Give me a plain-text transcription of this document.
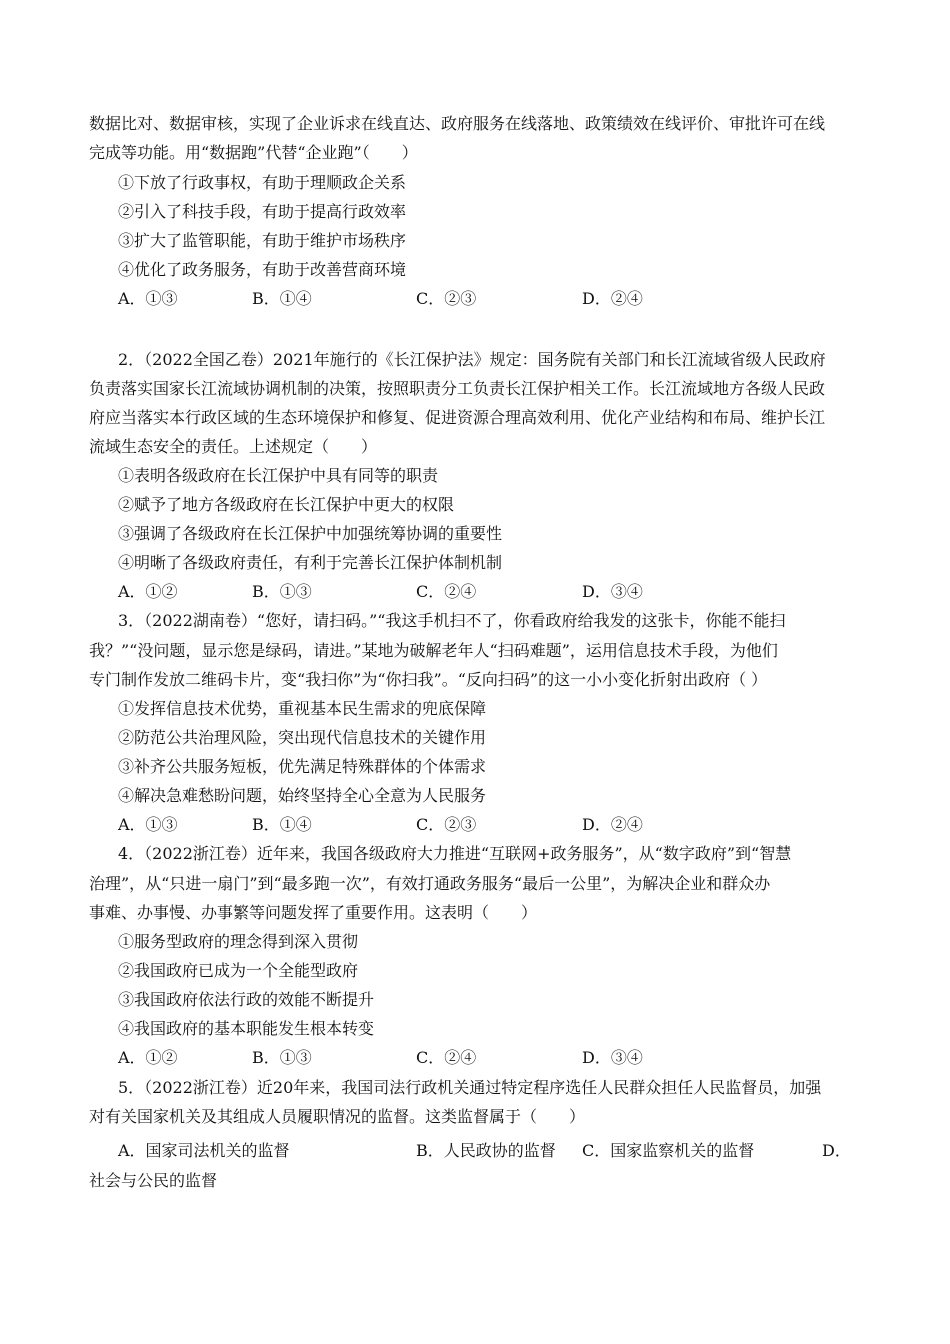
数据比对、数据审核，实现了企业诉求在线直达、政府服务在线落地、政策绩效在线评价、审批许可在线
完成等功能。用“数据跑”代替“企业跑”（　　）
①下放了行政事权，有助于理顺政企关系
②引入了科技手段，有助于提高行政效率
③扩大了监管职能，有助于维护市场秩序
④优化了政务服务，有助于改善营商环境
A．①③	B．①④	C．②③	D．②④
2．（2022全国乙卷）2021年施行的《长江保护法》规定：国务院有关部门和长江流域省级人民政府
负责落实国家长江流域协调机制的决策，按照职责分工负责长江保护相关工作。长江流域地方各级人民政
府应当落实本行政区域的生态环境保护和修复、促进资源合理高效利用、优化产业结构和布局、维护长江
流域生态安全的责任。上述规定（　　）
①表明各级政府在长江保护中具有同等的职责
②赋予了地方各级政府在长江保护中更大的权限
③强调了各级政府在长江保护中加强统筹协调的重要性
④明晰了各级政府责任，有利于完善长江保护体制机制
A．①②	B．①③	C．②④	D．③④
3．（2022湖南卷）“您好，请扫码。”“我这手机扫不了，你看政府给我发的这张卡，你能不能扫
我？”“没问题，显示您是绿码，请进。”某地为破解老年人“扫码难题”，运用信息技术手段，为他们
专门制作发放二维码卡片，变“我扫你”为“你扫我”。“反向扫码”的这一小小变化折射出政府（ ）
①发挥信息技术优势，重视基本民生需求的兜底保障
②防范公共治理风险，突出现代信息技术的关键作用
③补齐公共服务短板，优先满足特殊群体的个体需求
④解决急难愁盼问题，始终坚持全心全意为人民服务
A．①③	B．①④	C．②③	D．②④
4．（2022浙江卷）近年来，我国各级政府大力推进“互联网+政务服务”，从“数字政府”到“智慧
治理”，从“只进一扇门”到“最多跑一次”，有效打通政务服务“最后一公里”，为解决企业和群众办
事难、办事慢、办事繁等问题发挥了重要作用。这表明（　　）
①服务型政府的理念得到深入贯彻
②我国政府已成为一个全能型政府
③我国政府依法行政的效能不断提升
④我国政府的基本职能发生根本转变
A．①②	B．①③	C．②④	D．③④
5．（2022浙江卷）近20年来，我国司法行政机关通过特定程序选任人民群众担任人民监督员，加强
对有关国家机关及其组成人员履职情况的监督。这类监督属于（　　）
A．国家司法机关的监督	B．人民政协的监督 C．国家监察机关的监督	D．
社会与公民的监督
